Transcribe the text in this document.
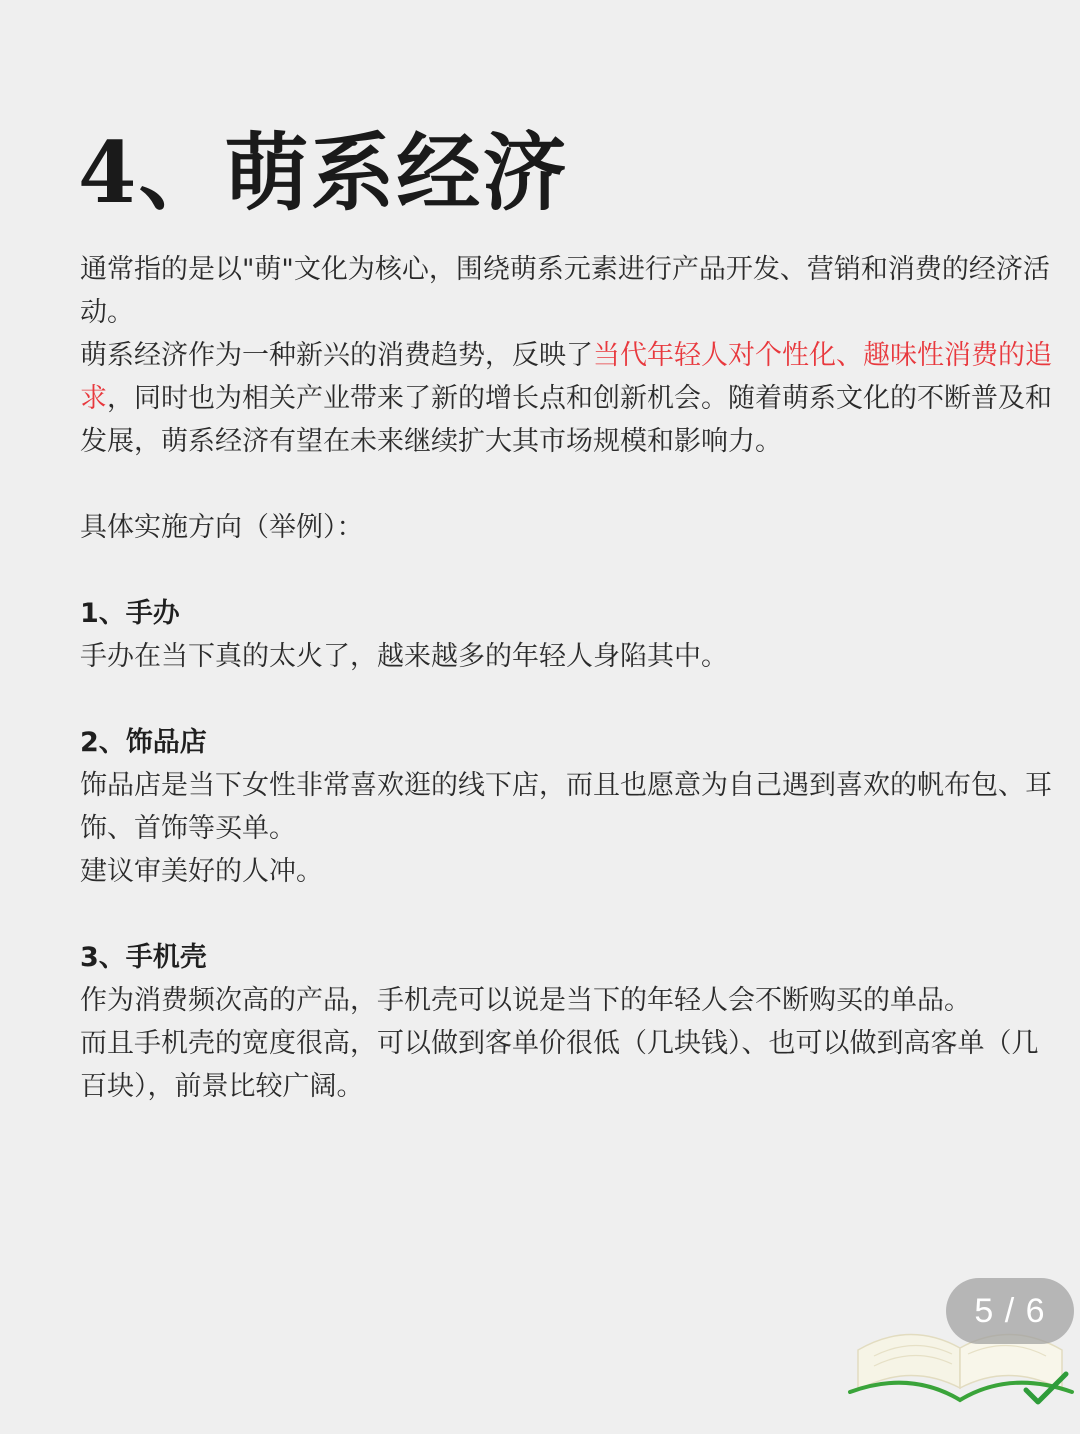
4、萌系经济

通常指的是以"萌"文化为核心，围绕萌系元素进行产品开发、营销和消费的经济活动。

萌系经济作为一种新兴的消费趋势，反映了当代年轻人对个性化、趣味性消费的追求，同时也为相关产业带来了新的增长点和创新机会。随着萌系文化的不断普及和发展，萌系经济有望在未来继续扩大其市场规模和影响力。

具体实施方向（举例）：

1、手办

手办在当下真的太火了，越来越多的年轻人身陷其中。

2、饰品店

饰品店是当下女性非常喜欢逛的线下店，而且也愿意为自己遇到喜欢的帆布包、耳饰、首饰等买单。

建议审美好的人冲。

3、手机壳

作为消费频次高的产品，手机壳可以说是当下的年轻人会不断购买的单品。

而且手机壳的宽度很高，可以做到客单价很低（几块钱）、也可以做到高客单（几百块），前景比较广阔。

5 / 6
